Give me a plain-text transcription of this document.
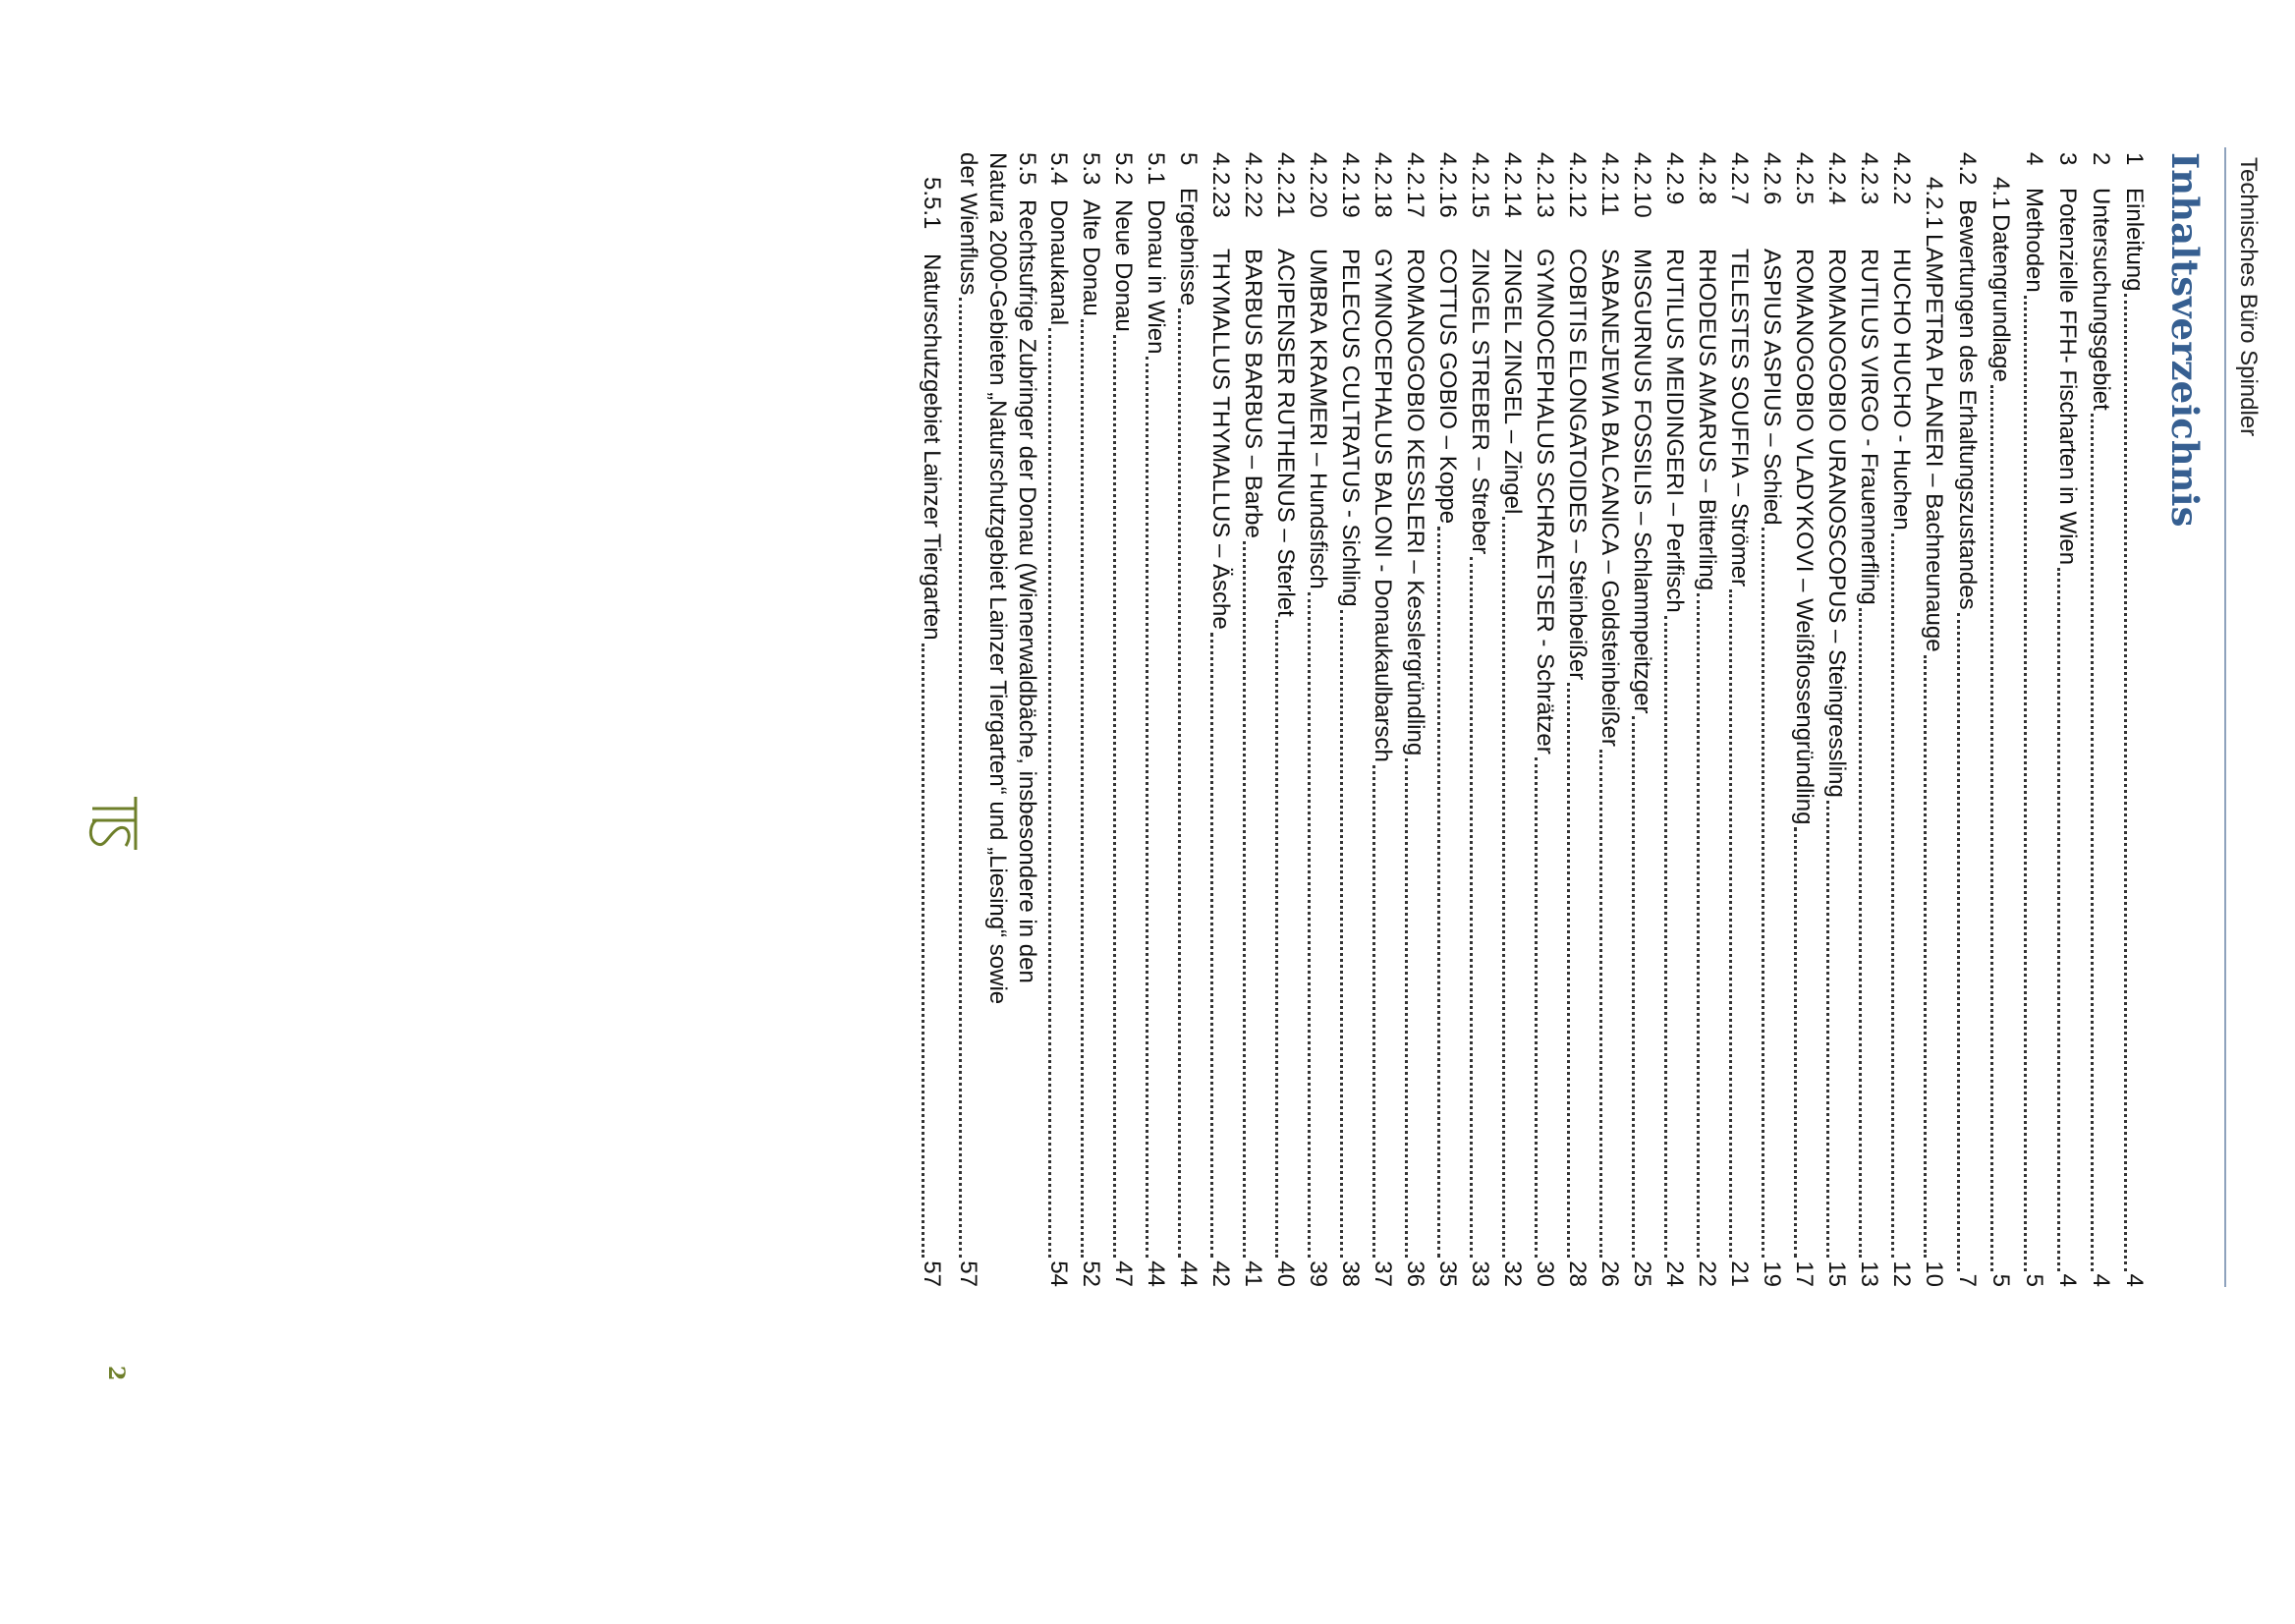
Technisches Büro Spindler
Inhaltsverzeichnis
1
Einleitung
4
2
Untersuchungsgebiet
4
3
Potenzielle FFH- Fischarten in Wien
4
4
Methoden
5
4.1
Datengrundlage
5
4.2
Bewertungen des Erhaltungszustandes
7
4.2.1
LAMPETRA PLANERI – Bachneunauge
10
4.2.2
HUCHO HUCHO - Huchen
12
4.2.3
RUTILUS VIRGO - Frauennerfling
13
4.2.4
ROMANOGOBIO URANOSCOPUS – Steingressling
15
4.2.5
ROMANOGOBIO VLADYKOVI – Weißflossengründling
17
4.2.6
ASPIUS ASPIUS – Schied
19
4.2.7
TELESTES SOUFFIA – Strömer
21
4.2.8
RHODEUS AMARUS – Bitterling
22
4.2.9
RUTILUS MEIDINGERI – Perlfisch
24
4.2.10
MISGURNUS FOSSILIS – Schlammpeitzger
25
4.2.11
SABANEJEWIA BALCANICA – Goldsteinbeißer
26
4.2.12
COBITIS ELONGATOIDES – Steinbeißer
28
4.2.13
GYMNOCEPHALUS SCHRAETSER - Schrätzer
30
4.2.14
ZINGEL ZINGEL – Zingel
32
4.2.15
ZINGEL STREBER – Streber
33
4.2.16
COTTUS GOBIO – Koppe
35
4.2.17
ROMANOGOBIO KESSLERI – Kesslergründling
36
4.2.18
GYMNOCEPHALUS BALONI - Donaukaulbarsch
37
4.2.19
PELECUS CULTRATUS - Sichling
38
4.2.20
UMBRA KRAMERI – Hundsfisch
39
4.2.21
ACIPENSER RUTHENUS – Sterlet
40
4.2.22
BARBUS BARBUS – Barbe
41
4.2.23
THYMALLUS THYMALLUS – Äsche
42
5
Ergebnisse
44
5.1
Donau in Wien
44
5.2
Neue Donau
47
5.3
Alte Donau
52
5.4
Donaukanal
54
5.5
Rechtsufrige Zubringer der Donau (Wienerwaldbäche, insbesondere in den
Natura 2000-Gebieten „Naturschutzgebiet Lainzer Tiergarten“ und „Liesing“ sowie
der Wienfluss
57
5.5.1
Naturschutzgebiet Lainzer Tiergarten
57
2
